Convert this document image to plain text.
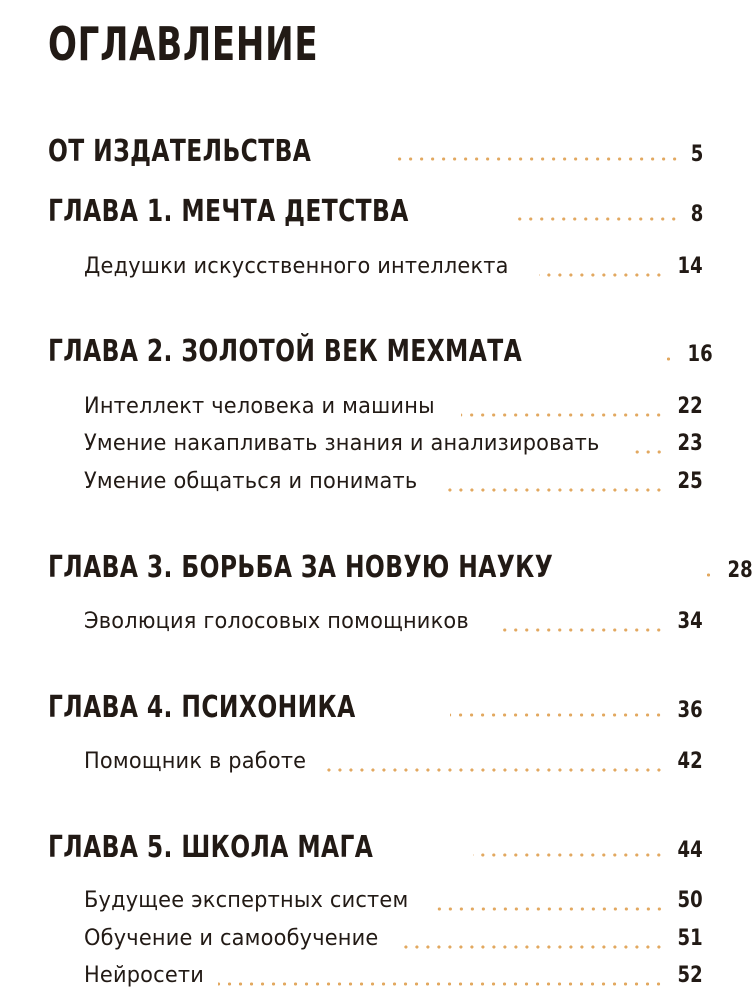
ОГЛАВЛЕНИЕ
ОТ ИЗДАТЕЛЬСТВА	5
ГЛАВА 1. МЕЧТА ДЕТСТВА	8
Дедушки искусственного интеллекта	14
ГЛАВА 2. ЗОЛОТОЙ ВЕК МЕХМАТА	16
Интеллект человека и машины	22
Умение накапливать знания и анализировать	23
Умение общаться и понимать	25
ГЛАВА 3. БОРЬБА ЗА НОВУЮ НАУКУ	28
Эволюция голосовых помощников	34
ГЛАВА 4. ПСИХОНИКА	36
Помощник в работе	42
ГЛАВА 5. ШКОЛА МАГА	44
Будущее экспертных систем	50
Обучение и самообучение	51
Нейросети	52
